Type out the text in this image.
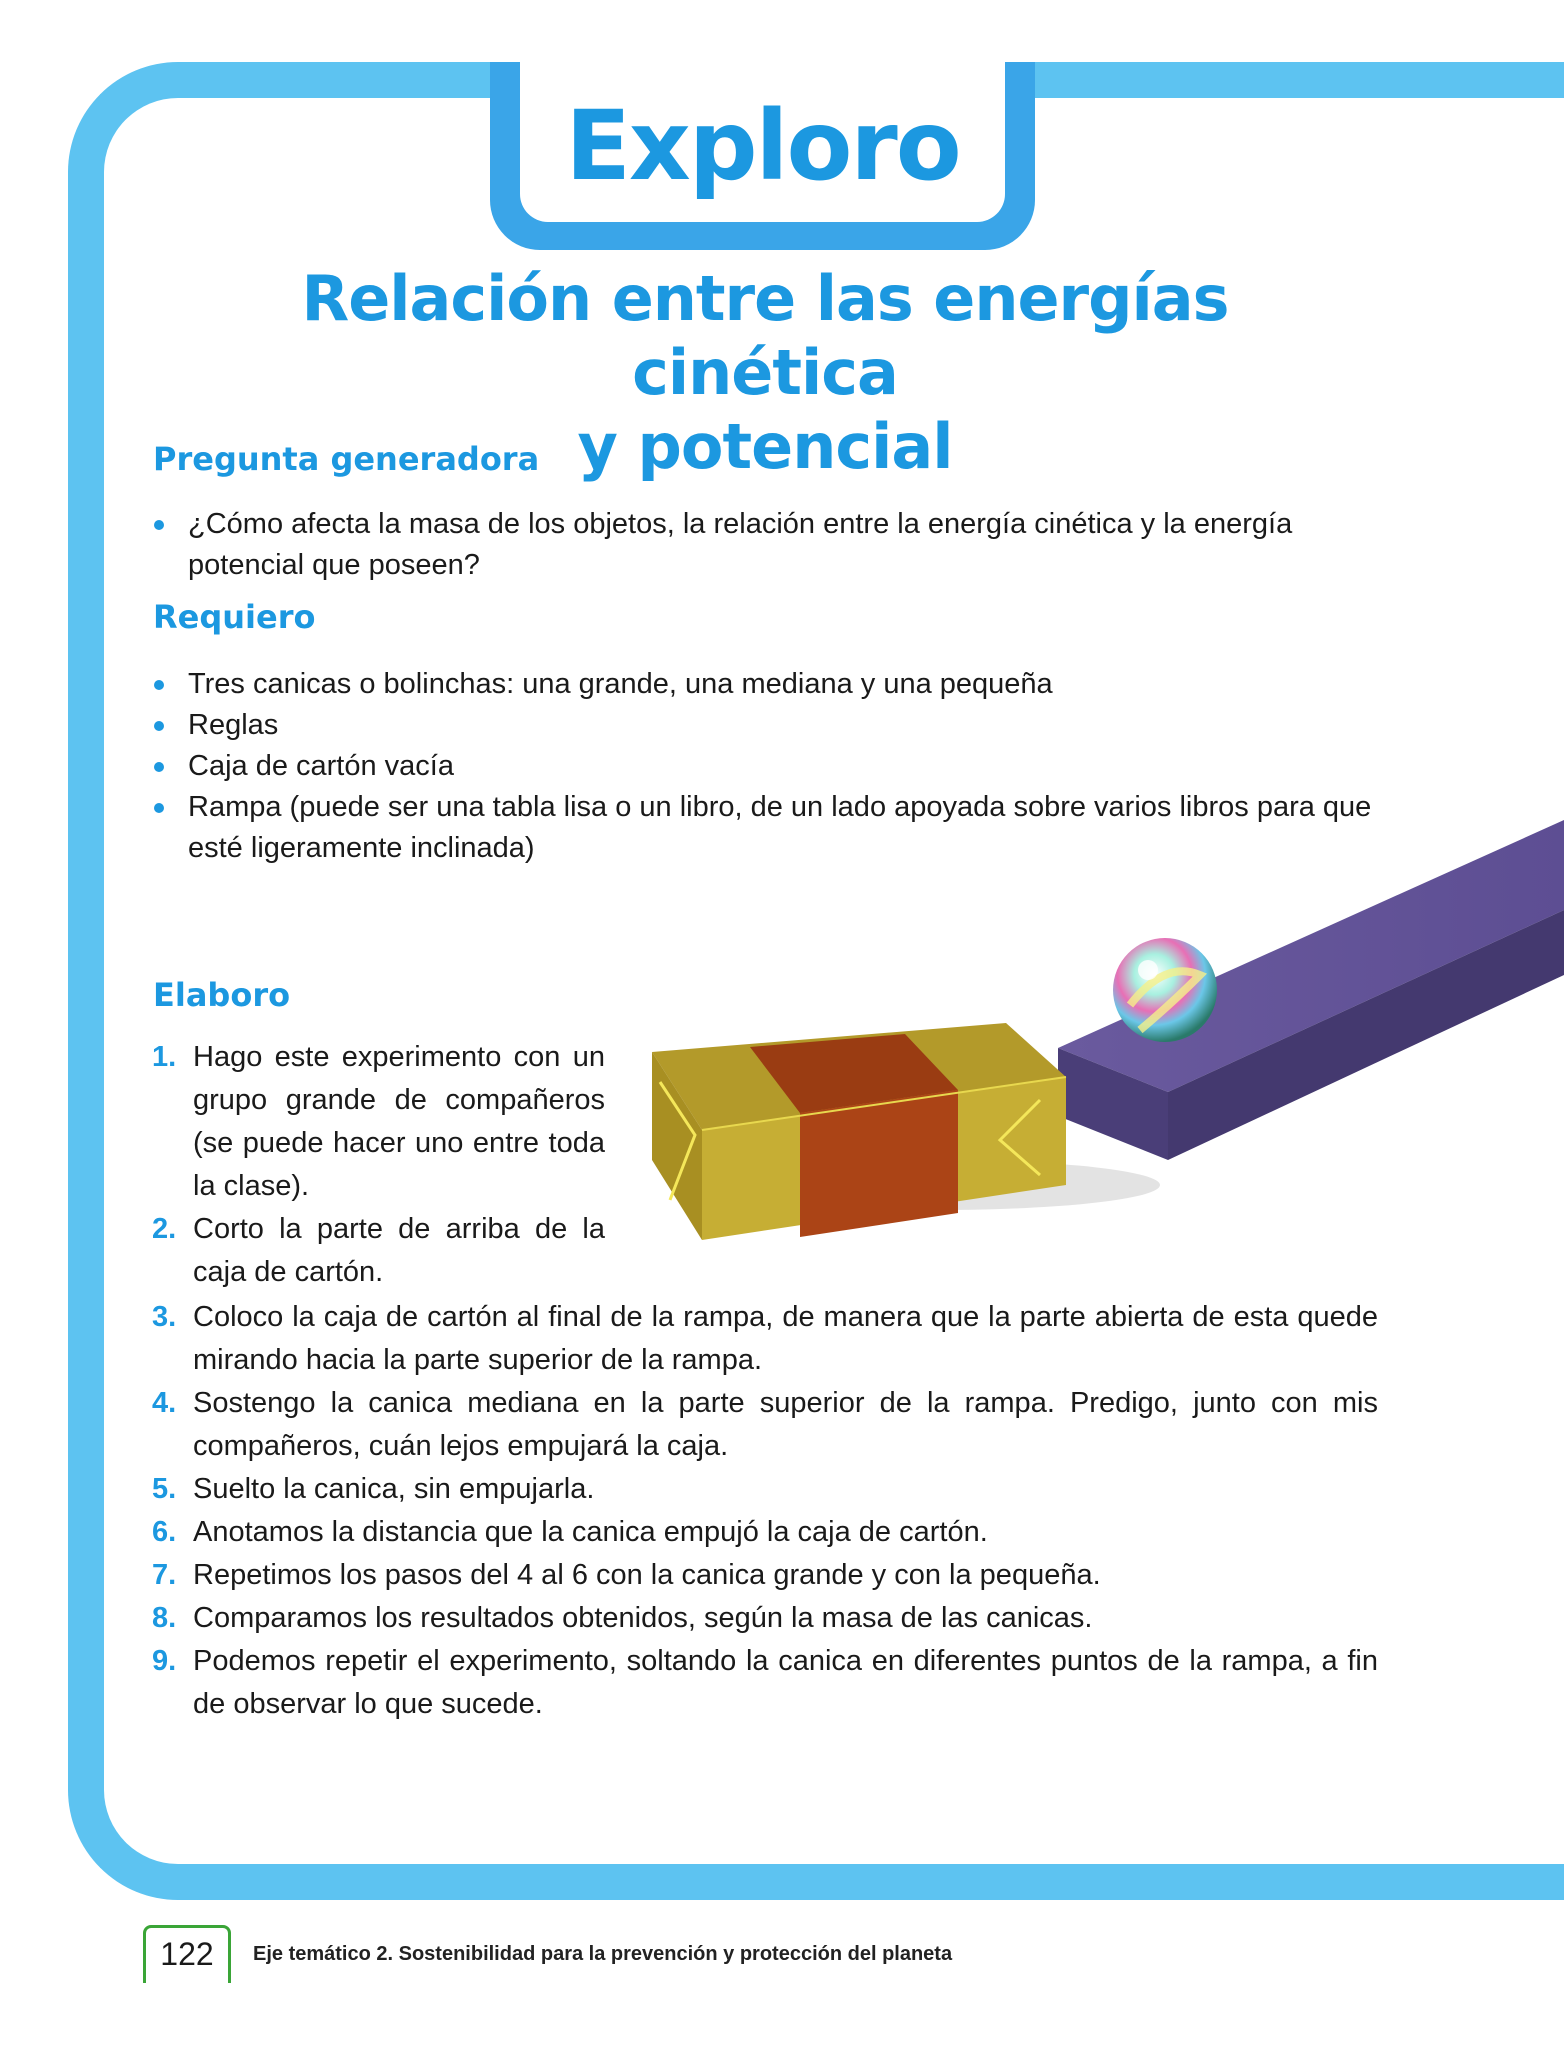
Exploro
Relación entre las energías cinética
y potencial
Pregunta generadora
¿Cómo afecta la masa de los objetos, la relación entre la energía cinética y la energía potencial que poseen?
Requiero
Tres canicas o bolinchas: una grande, una mediana y una pequeña
Reglas
Caja de cartón vacía
Rampa (puede ser una tabla lisa o un libro, de un lado apoyada sobre varios libros para que esté ligeramente inclinada)
Elaboro
1. Hago este experimento con un grupo grande de compañeros (se puede hacer uno entre toda la clase).
2. Corto la parte de arriba de la caja de cartón.
3. Coloco la caja de cartón al final de la rampa, de manera que la parte abierta de esta quede mirando hacia la parte superior de la rampa.
4. Sostengo la canica mediana en la parte superior de la rampa. Predigo, junto con mis compañeros, cuán lejos empujará la caja.
5. Suelto la canica, sin empujarla.
6. Anotamos la distancia que la canica empujó la caja de cartón.
7. Repetimos los pasos del 4 al 6 con la canica grande y con la pequeña.
8. Comparamos los resultados obtenidos, según la masa de las canicas.
9. Podemos repetir el experimento, soltando la canica en diferentes puntos de la rampa, a fin de observar lo que sucede.
122	Eje temático 2. Sostenibilidad para la prevención y protección del planeta
